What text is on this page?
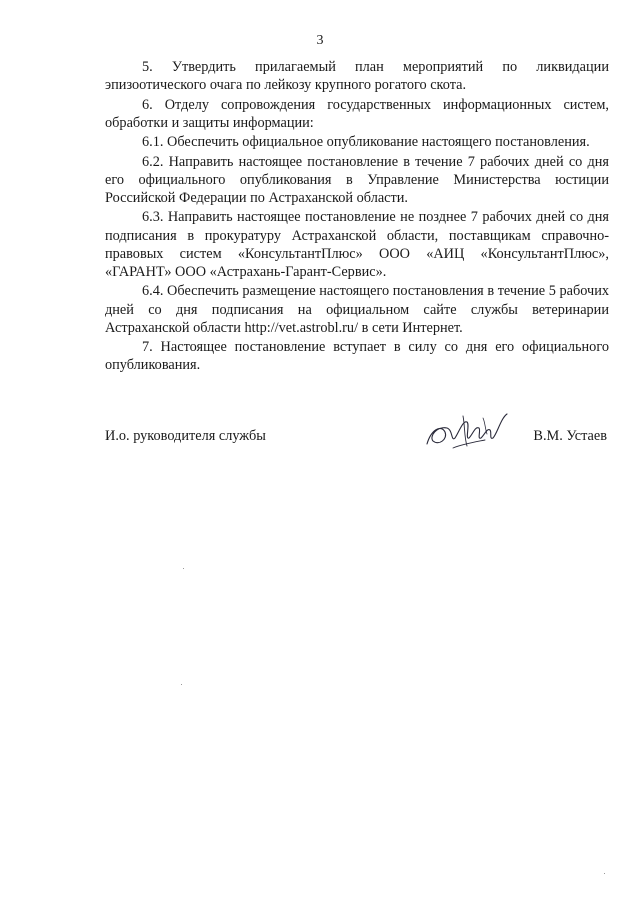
3

5. Утвердить прилагаемый план мероприятий по ликвидации эпизоотического очага по лейкозу крупного рогатого скота.

6. Отделу сопровождения государственных информационных систем, обработки и защиты информации:

6.1. Обеспечить официальное опубликование настоящего постановления.

6.2. Направить настоящее постановление в течение 7 рабочих дней со дня его официального опубликования в Управление Министерства юстиции Российской Федерации по Астраханской области.

6.3. Направить настоящее постановление не позднее 7 рабочих дней со дня подписания в прокуратуру Астраханской области, поставщикам справочно-правовых систем «КонсультантПлюс» ООО «АИЦ «КонсультантПлюс», «ГАРАНТ» ООО «Астрахань-Гарант-Сервис».

6.4. Обеспечить размещение настоящего постановления в течение 5 рабочих дней со дня подписания на официальном сайте службы ветеринарии Астраханской области http://vet.astrobl.ru/ в сети Интернет.

7. Настоящее постановление вступает в силу со дня его официального опубликования.

И.о. руководителя службы	В.М. Устаев
